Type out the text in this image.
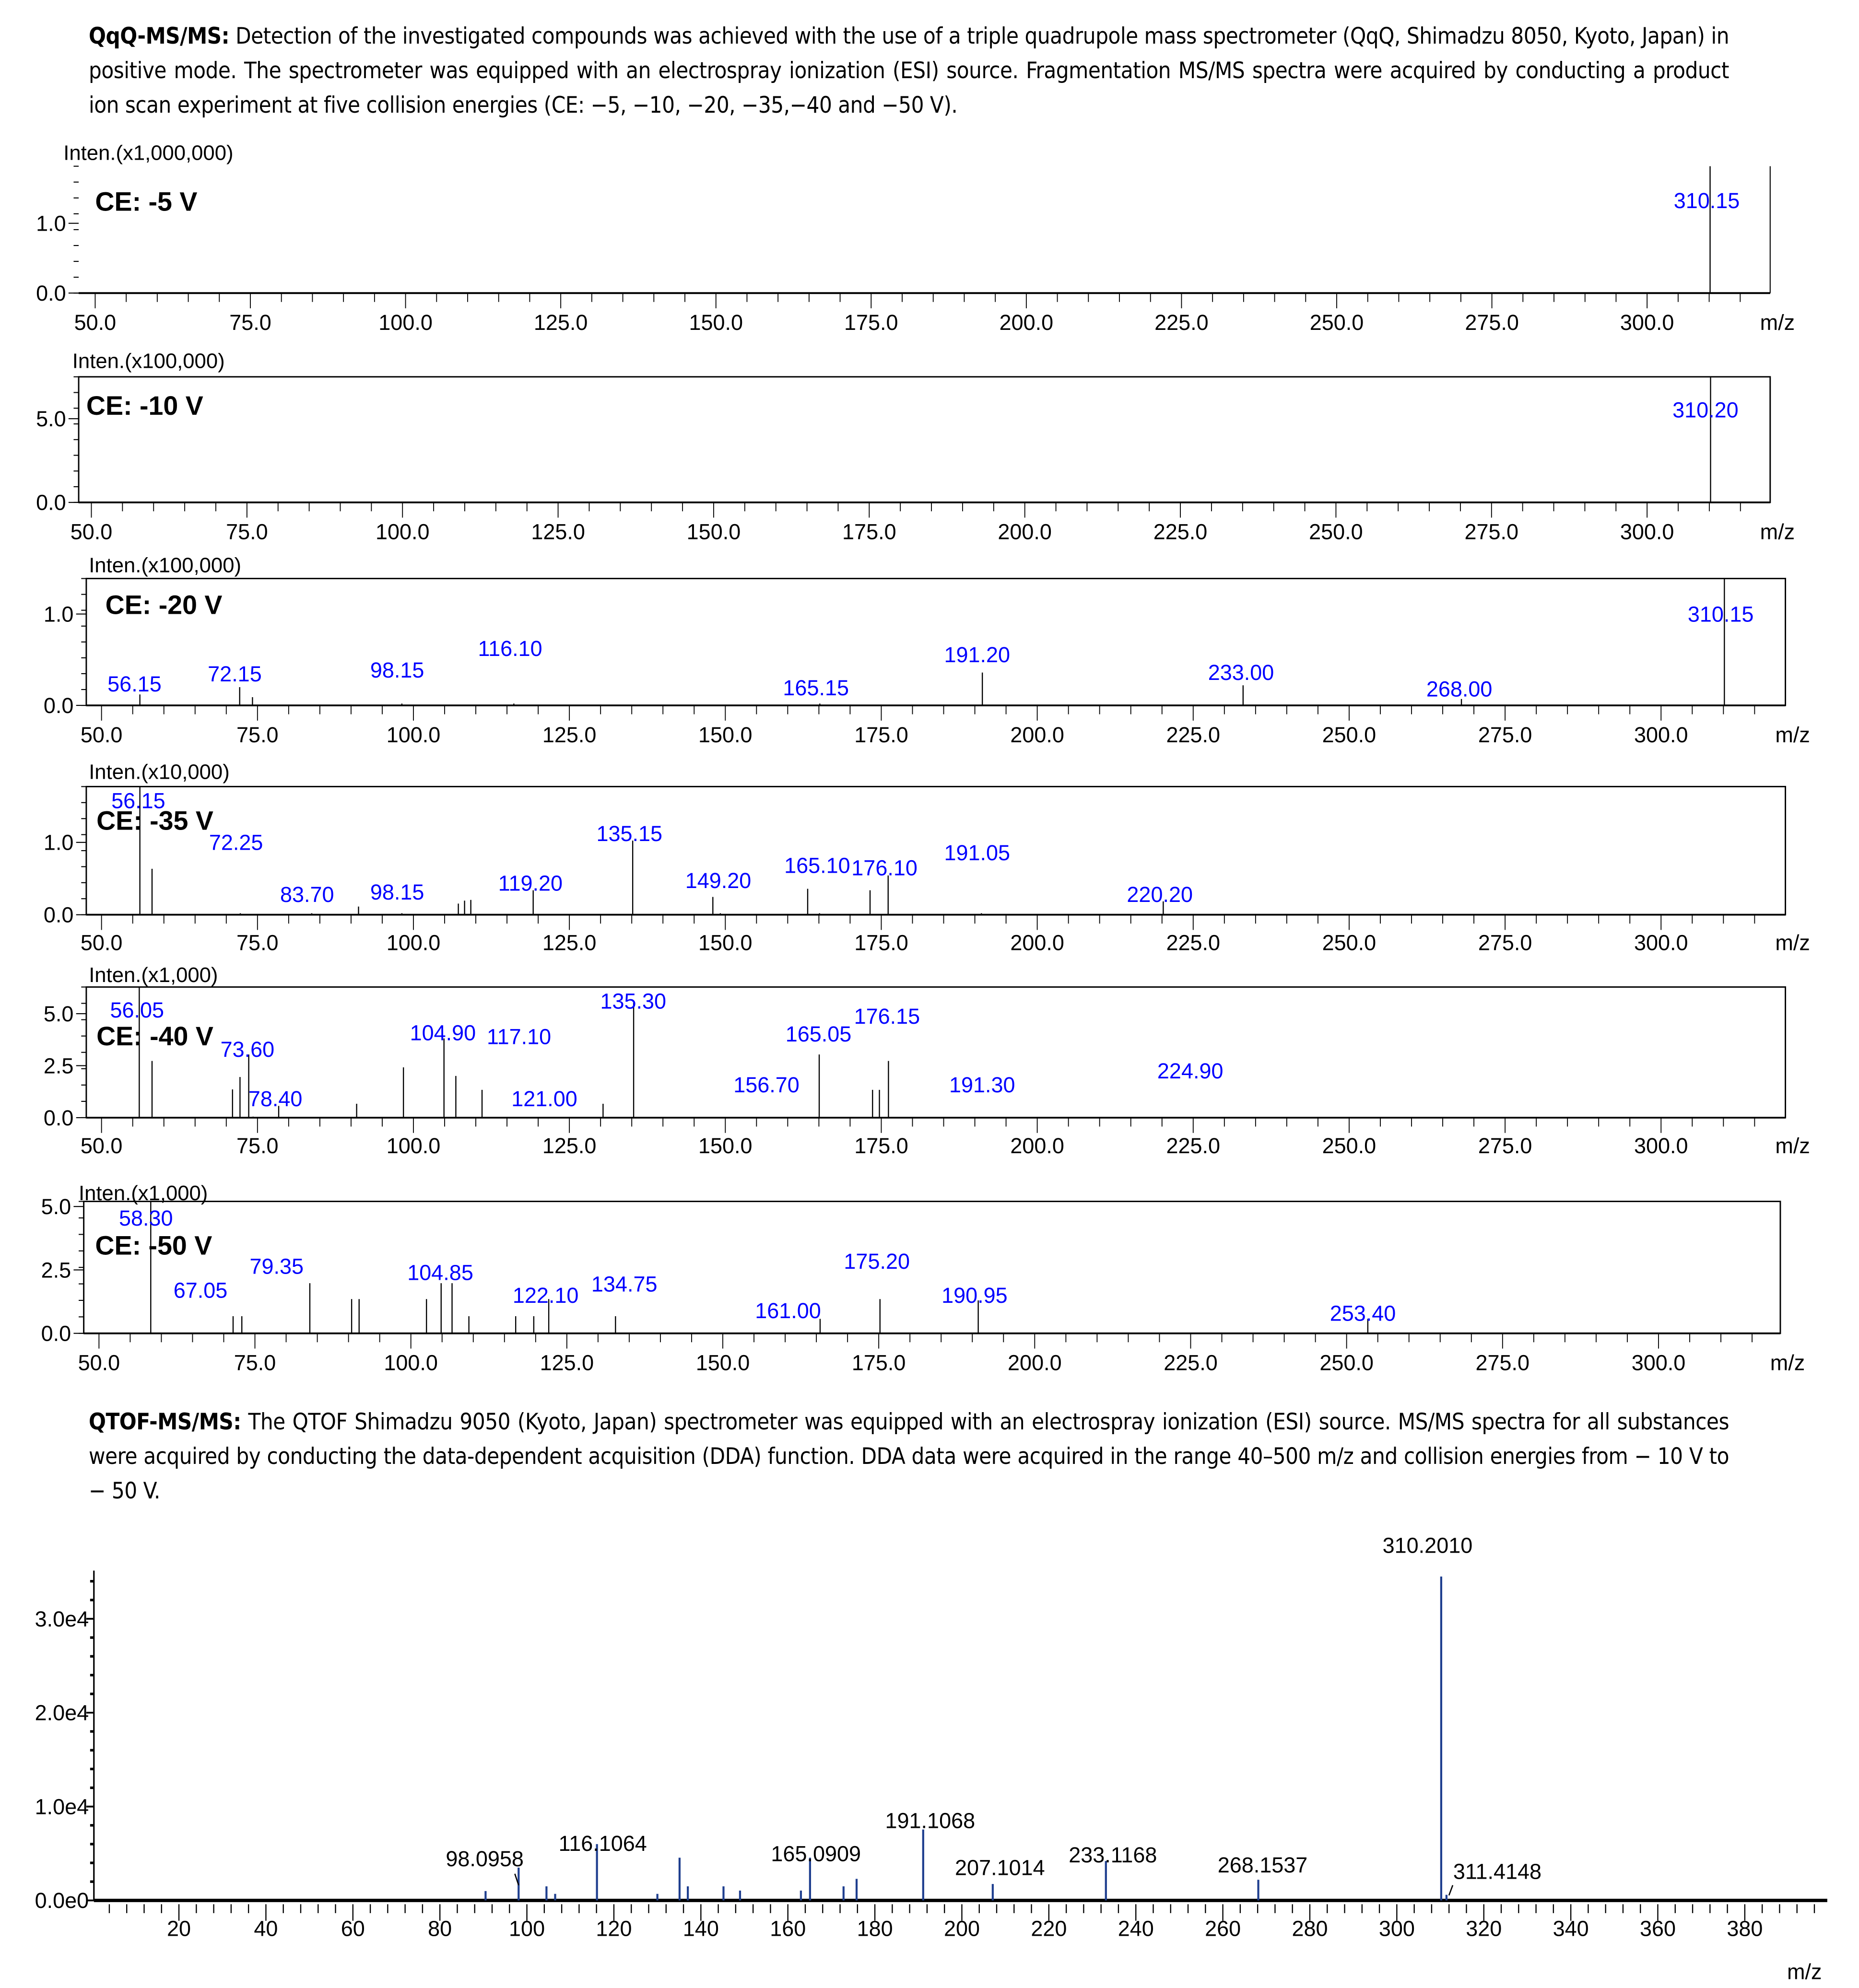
QqQ-MS/MS: Detection of the investigated compounds was achieved with the use of a triple quadrupole mass spectrometer (QqQ, Shimadzu 8050, Kyoto, Japan) in positive mode. The spectrometer was equipped with an electrospray ionization (ESI) source. Fragmentation MS/MS spectra were acquired by conducting a product ion scan experiment at five collision energies (CE: −5, −10, −20, −35,−40 and −50 V).
QTOF-MS/MS: The QTOF Shimadzu 9050 (Kyoto, Japan) spectrometer was equipped with an electrospray ionization (ESI) source. MS/MS spectra for all substances were acquired by conducting the data-dependent acquisition (DDA) function. DDA data were acquired in the range 40–500 m/z and collision energies from − 10 V to − 50 V.
0.0
1.0
Inten.(x1,000,000)
50.0	75.0	100.0	125.0	150.0	175.0	200.0	225.0	250.0	275.0	300.0	m/z
CE: -5 V	310.15
0.0
5.0
Inten.(x100,000)
50.0	75.0	100.0	125.0	150.0	175.0	200.0	225.0	250.0	275.0	300.0	m/z
CE: -10 V	310.20
0.0
1.0
Inten.(x100,000)
50.0	75.0	100.0	125.0	150.0	175.0	200.0	225.0	250.0	275.0	300.0	m/z
CE: -20 V
56.15	72.15	98.15
116.10
165.15
191.20
233.00
268.00
310.15
0.0
1.0
Inten.(x10,000)
50.0	75.0	100.0	125.0	150.0	175.0	200.0	225.0	250.0	275.0	300.0	m/z
CE: -35 V
56.15
72.25
83.70	98.15	119.20
135.15
149.20
165.10 176.10
191.05
220.20
0.0
2.5
5.0
Inten.(x1,000)
50.0	75.0	100.0	125.0	150.0	175.0	200.0	225.0	250.0	275.0	300.0	m/z
CE: -40 V
56.05
73.60
78.40
104.90 117.10
121.00
135.30
156.70
165.05
176.15
191.30
224.90
0.0
2.5
5.0
Inten.(x1,000)
50.0	75.0	100.0	125.0	150.0	175.0	200.0	225.0	250.0	275.0	300.0	m/z
CE: -50 V
58.30
67.05
79.35	104.85
122.10 134.75
161.00
175.20
190.95
253.40
0.0e0
1.0e4
2.0e4
3.0e4
20	40	60	80	100	120	140	160	180	200	220	240	260	280	300	320	340	360	380
m/z
98.0958
116.1064	165.0909
191.1068
207.1014
233.1168	268.1537
310.2010
311.4148
